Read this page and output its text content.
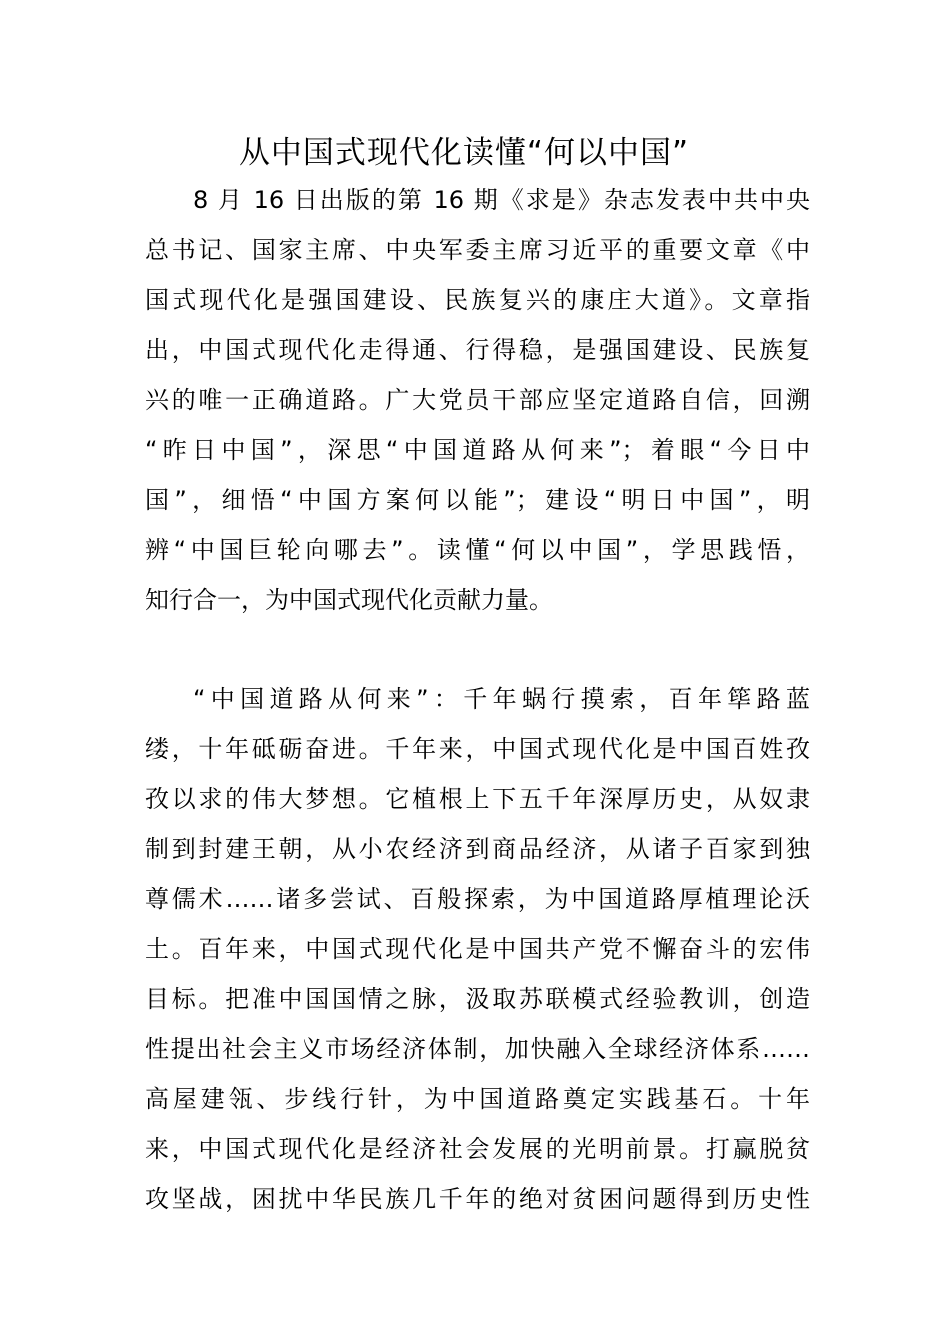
从中国式现代化读懂“何以中国”
8 月 16 日出版的第 16 期《求是》杂志发表中共中央
总书记、国家主席、中央军委主席习近平的重要文章《中
国式现代化是强国建设、民族复兴的康庄大道》。文章指
出，中国式现代化走得通、行得稳，是强国建设、民族复
兴的唯一正确道路。广大党员干部应坚定道路自信，回溯
“昨日中国”，深思“中国道路从何来”；着眼“今日中
国”，细悟“中国方案何以能”；建设“明日中国”，明
辨“中国巨轮向哪去”。读懂“何以中国”，学思践悟，
知行合一，为中国式现代化贡献力量。
“中国道路从何来”：千年蜗行摸索，百年筚路蓝
缕，十年砥砺奋进。千年来，中国式现代化是中国百姓孜
孜以求的伟大梦想。它植根上下五千年深厚历史，从奴隶
制到封建王朝，从小农经济到商品经济，从诸子百家到独
尊儒术……诸多尝试、百般探索，为中国道路厚植理论沃
土。百年来，中国式现代化是中国共产党不懈奋斗的宏伟
目标。把准中国国情之脉，汲取苏联模式经验教训，创造
性提出社会主义市场经济体制，加快融入全球经济体系……
高屋建瓴、步线行针，为中国道路奠定实践基石。十年
来，中国式现代化是经济社会发展的光明前景。打赢脱贫
攻坚战，困扰中华民族几千年的绝对贫困问题得到历史性
